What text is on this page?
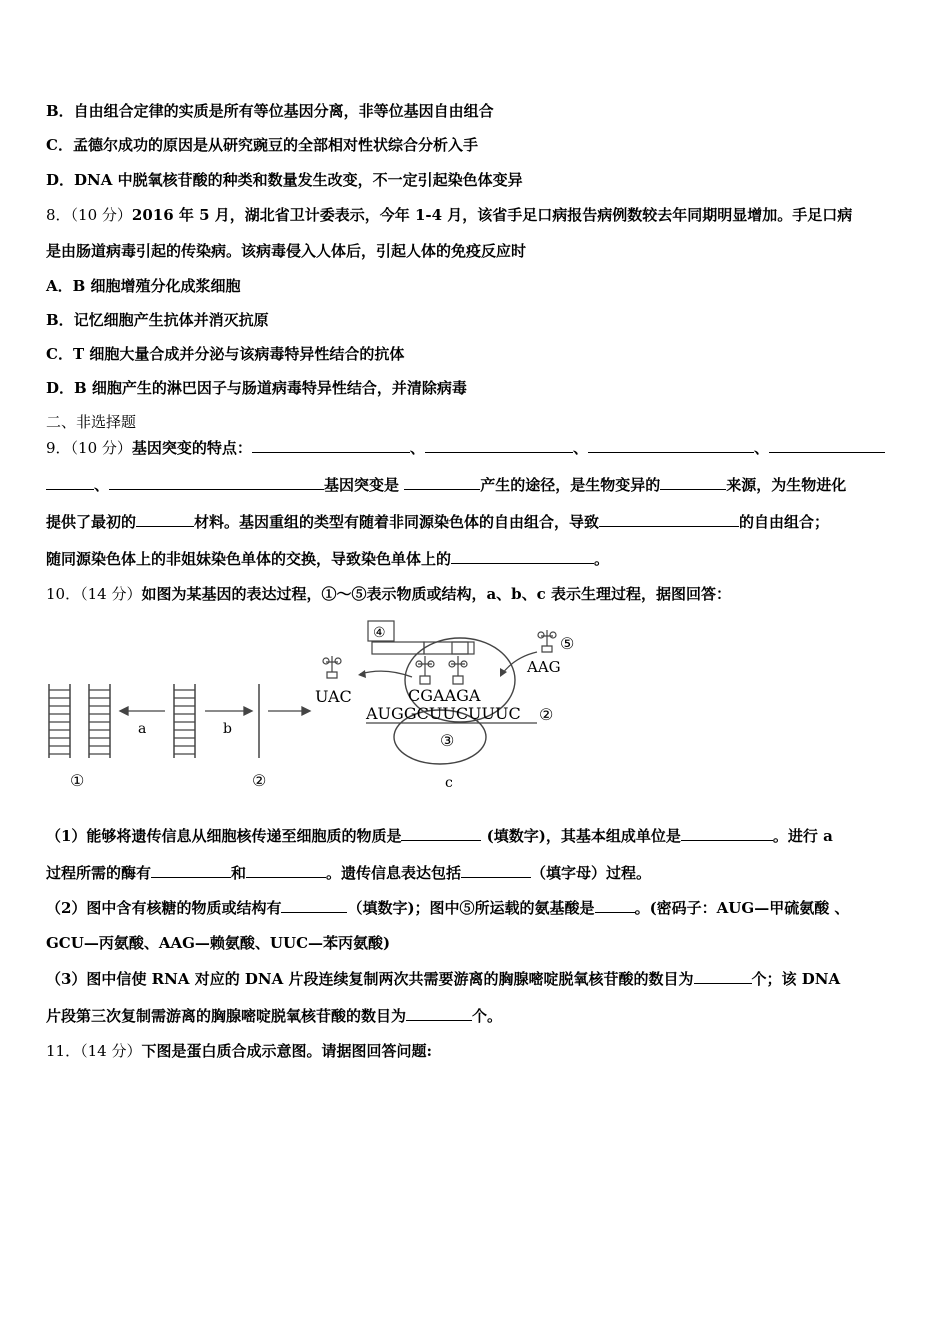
B．自由组合定律的实质是所有等位基因分离，非等位基因自由组合
C．孟德尔成功的原因是从研究豌豆的全部相对性状综合分析入手
D．DNA 中脱氧核苷酸的种类和数量发生改变，不一定引起染色体变异
8．（10 分）2016 年 5 月，湖北省卫计委表示，今年 1-4 月，该省手足口病报告病例数较去年同期明显增加。手足口病
是由肠道病毒引起的传染病。该病毒侵入人体后，引起人体的免疫反应时
A．B 细胞增殖分化成浆细胞
B．记忆细胞产生抗体并消灭抗原
C．T 细胞大量合成并分泌与该病毒特异性结合的抗体
D．B 细胞产生的淋巴因子与肠道病毒特异性结合，并清除病毒
二、非选择题
9．（10 分）基因突变的特点：	、	、	、
、	基因突变是	产生的途径，是生物变异的	来源，为生物进化
提供了最初的	材料。基因重组的类型有随着非同源染色体的自由组合，导致	的自由组合；
随同源染色体上的非姐妹染色单体的交换，导致染色单体上的	。
10．（14 分）如图为某基因的表达过程，①～⑤表示物质或结构，a、b、c 表示生理过程，据图回答：
①
a	b
②
④
③
UAC
⑤
AAG
CGAAGA
AUGGCUUCUUUC ②
c
（1）能够将遗传信息从细胞核传递至细胞质的物质是	(填数字)，其基本组成单位是	。进行 a
过程所需的酶有	和	。遗传信息表达包括	（填字母）过程。
（2）图中含有核糖的物质或结构有	（填数字)；图中⑤所运载的氨基酸是	。(密码子：AUG—甲硫氨酸 、
GCU—丙氨酸、AAG—赖氨酸、UUC—苯丙氨酸)
（3）图中信使 RNA 对应的 DNA 片段连续复制两次共需要游离的胸腺嘧啶脱氧核苷酸的数目为	个；该 DNA
片段第三次复制需游离的胸腺嘧啶脱氧核苷酸的数目为	个。
11．（14 分）下图是蛋白质合成示意图。请据图回答问题:
